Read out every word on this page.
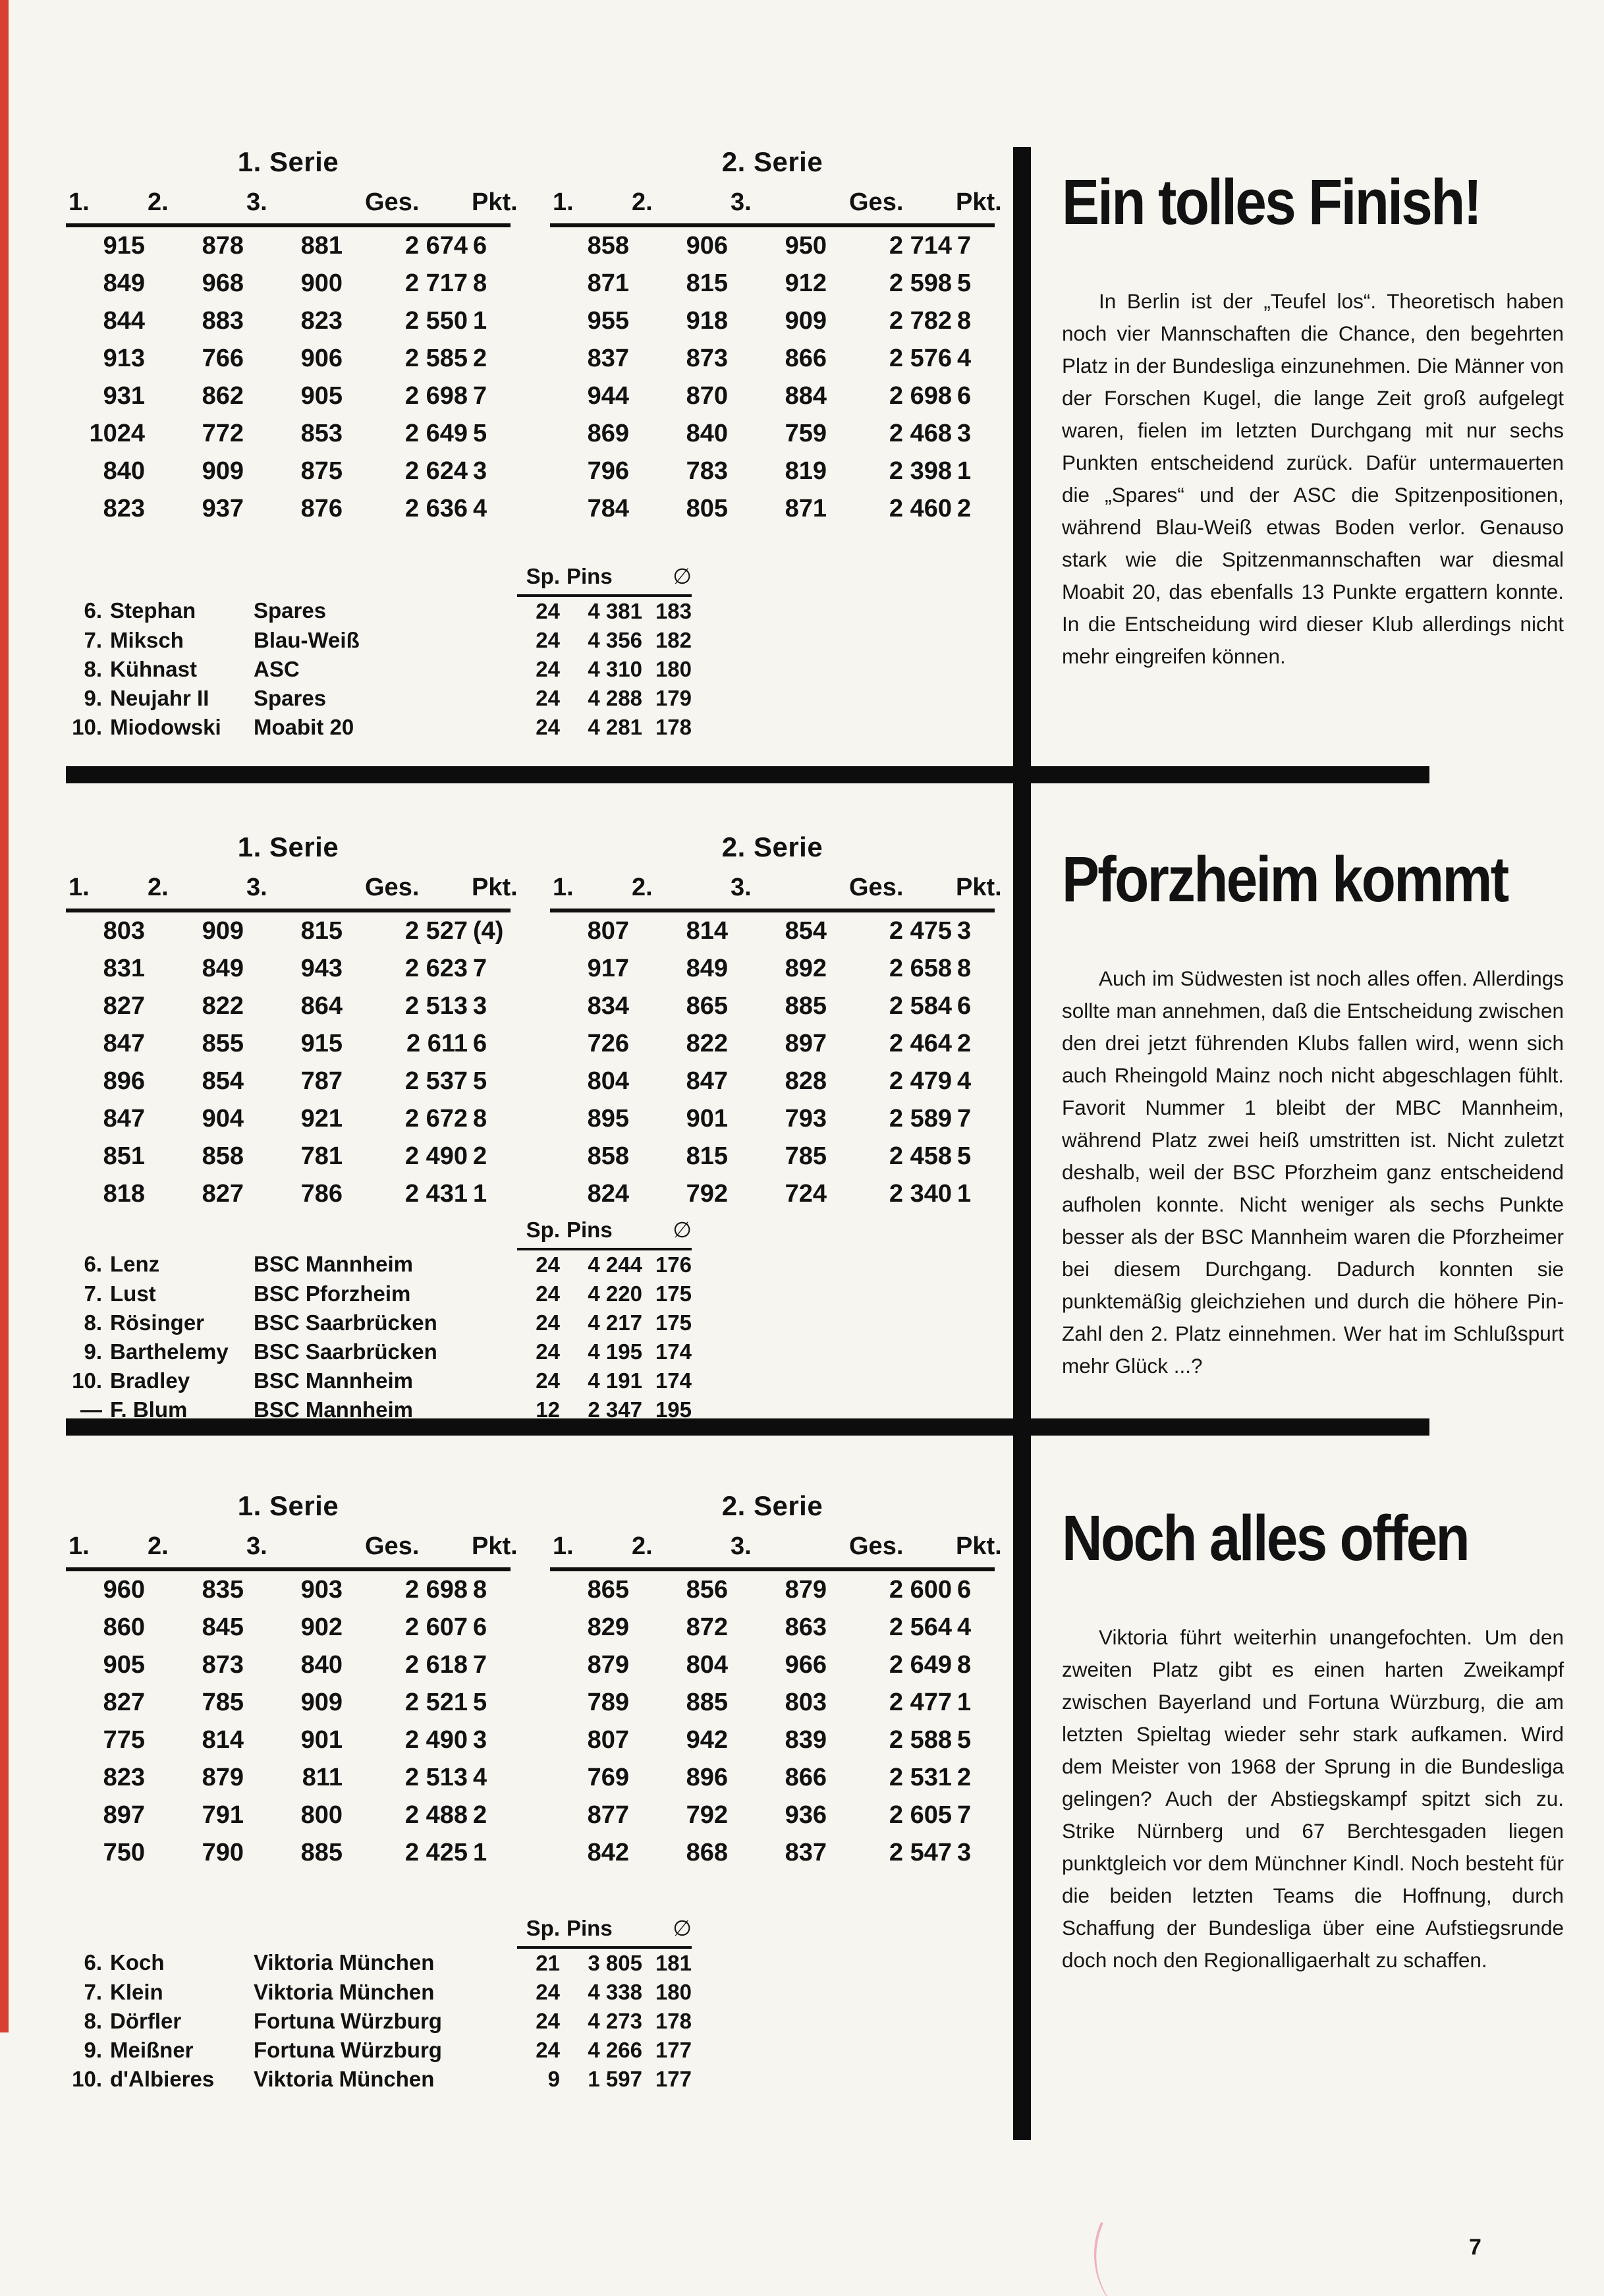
1. Serie
1.	2.	3.	Ges.	Pkt.
915	878	881	2 674	6
849	968	900	2 717	8
844	883	823	2 550	1
913	766	906	2 585	2
931	862	905	2 698	7
1024	772	853	2 649	5
840	909	875	2 624	3
823	937	876	2 636	4
2. Serie
1.	2.	3.	Ges.	Pkt.
858	906	950	2 714	7
871	815	912	2 598	5
955	918	909	2 782	8
837	873	866	2 576	4
944	870	884	2 698	6
869	840	759	2 468	3
796	783	819	2 398	1
784	805	871	2 460	2
			Sp.	Pins	∅
6.	Stephan	Spares	24	4 381	183
7.	Miksch	Blau-Weiß	24	4 356	182
8.	Kühnast	ASC	24	4 310	180
9.	Neujahr II	Spares	24	4 288	179
10.	Miodowski	Moabit 20	24	4 281	178
Ein tolles Finish!

In Berlin ist der „Teufel los“. Theoretisch haben noch vier Mannschaften die Chance, den begehrten Platz in der Bundesliga einzunehmen. Die Männer von der Forschen Kugel, die lange Zeit groß aufgelegt waren, fielen im letzten Durchgang mit nur sechs Punkten entscheidend zurück. Dafür untermauerten die „Spares“ und der ASC die Spitzenpositionen, während Blau-Weiß etwas Boden verlor. Genauso stark wie die Spitzenmannschaften war diesmal Moabit 20, das ebenfalls 13 Punkte ergattern konnte. In die Entscheidung wird dieser Klub allerdings nicht mehr eingreifen können.

1. Serie
1.	2.	3.	Ges.	Pkt.
803	909	815	2 527	(4)
831	849	943	2 623	7
827	822	864	2 513	3
847	855	915	2 611	6
896	854	787	2 537	5
847	904	921	2 672	8
851	858	781	2 490	2
818	827	786	2 431	1
2. Serie
1.	2.	3.	Ges.	Pkt.
807	814	854	2 475	3
917	849	892	2 658	8
834	865	885	2 584	6
726	822	897	2 464	2
804	847	828	2 479	4
895	901	793	2 589	7
858	815	785	2 458	5
824	792	724	2 340	1
			Sp.	Pins	∅
6.	Lenz	BSC Mannheim	24	4 244	176
7.	Lust	BSC Pforzheim	24	4 220	175
8.	Rösinger	BSC Saarbrücken	24	4 217	175
9.	Barthelemy	BSC Saarbrücken	24	4 195	174
10.	Bradley	BSC Mannheim	24	4 191	174
—	F. Blum	BSC Mannheim	12	2 347	195
Pforzheim kommt

Auch im Südwesten ist noch alles offen. Allerdings sollte man annehmen, daß die Entscheidung zwischen den drei jetzt führenden Klubs fallen wird, wenn sich auch Rheingold Mainz noch nicht abgeschlagen fühlt. Favorit Nummer 1 bleibt der MBC Mannheim, während Platz zwei heiß umstritten ist. Nicht zuletzt deshalb, weil der BSC Pforzheim ganz entscheidend aufholen konnte. Nicht weniger als sechs Punkte besser als der BSC Mannheim waren die Pforzheimer bei diesem Durchgang. Dadurch konnten sie punktemäßig gleichziehen und durch die höhere Pin-Zahl den 2. Platz einnehmen. Wer hat im Schlußspurt mehr Glück ...?

1. Serie
1.	2.	3.	Ges.	Pkt.
960	835	903	2 698	8
860	845	902	2 607	6
905	873	840	2 618	7
827	785	909	2 521	5
775	814	901	2 490	3
823	879	811	2 513	4
897	791	800	2 488	2
750	790	885	2 425	1
2. Serie
1.	2.	3.	Ges.	Pkt.
865	856	879	2 600	6
829	872	863	2 564	4
879	804	966	2 649	8
789	885	803	2 477	1
807	942	839	2 588	5
769	896	866	2 531	2
877	792	936	2 605	7
842	868	837	2 547	3
			Sp.	Pins	∅
6.	Koch	Viktoria München	21	3 805	181
7.	Klein	Viktoria München	24	4 338	180
8.	Dörfler	Fortuna Würzburg	24	4 273	178
9.	Meißner	Fortuna Würzburg	24	4 266	177
10.	d'Albieres	Viktoria München	9	1 597	177
Noch alles offen

Viktoria führt weiterhin unangefochten. Um den zweiten Platz gibt es einen harten Zweikampf zwischen Bayerland und Fortuna Würzburg, die am letzten Spieltag wieder sehr stark aufkamen. Wird dem Meister von 1968 der Sprung in die Bundesliga gelingen? Auch der Abstiegskampf spitzt sich zu. Strike Nürnberg und 67 Berchtesgaden liegen punktgleich vor dem Münchner Kindl. Noch besteht für die beiden letzten Teams die Hoffnung, durch Schaffung der Bundesliga über eine Aufstiegsrunde doch noch den Regionalligaerhalt zu schaffen.

7
